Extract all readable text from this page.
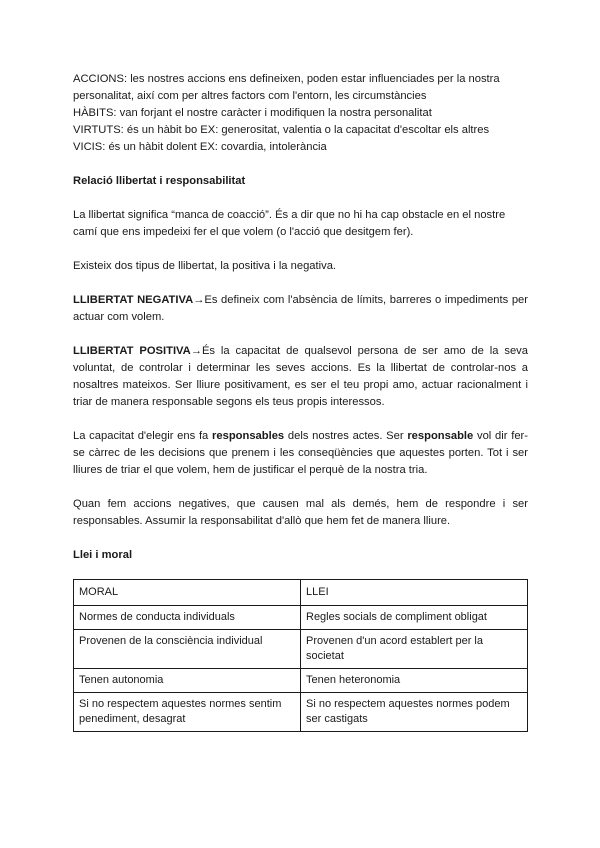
ACCIONS: les nostres accions ens defineixen, poden estar influenciades per la nostra personalitat, així com per altres factors com l'entorn, les circumstàncies

HÀBITS: van forjant el nostre caràcter i modifiquen la nostra personalitat

VIRTUTS: és un hàbit bo EX: generositat, valentia o la capacitat d'escoltar els altres

VICIS: és un hàbit dolent EX: covardia, intolerància

Relació llibertat i responsabilitat

La llibertat significa “manca de coacció”. És a dir que no hi ha cap obstacle en el nostre camí que ens impedeixi fer el que volem (o l'acció que desitgem fer).

Existeix dos tipus de llibertat, la positiva i la negativa.

LLIBERTAT NEGATIVA→Es defineix com l'absència de límits, barreres o impediments per actuar com volem.

LLIBERTAT POSITIVA→És la capacitat de qualsevol persona de ser amo de la seva voluntat, de controlar i determinar les seves accions. Es la llibertat de controlar-nos a nosaltres mateixos. Ser lliure positivament, es ser el teu propi amo, actuar racionalment i triar de manera responsable segons els teus propis interessos.

La capacitat d'elegir ens fa responsables dels nostres actes. Ser responsable vol dir fer-se càrrec de les decisions que prenem i les conseqüències que aquestes porten. Tot i ser lliures de triar el que volem, hem de justificar el perquè de la nostra tria.

Quan fem accions negatives, que causen mal als demés, hem de respondre i ser responsables. Assumir la responsabilitat d'allò que hem fet de manera lliure.

Llei i moral

MORAL	LLEI
Normes de conducta individuals	Regles socials de compliment obligat
Provenen de la consciència individual	Provenen d'un acord establert per la societat
Tenen autonomia	Tenen heteronomia
Si no respectem aquestes normes sentim penediment, desagrat	Si no respectem aquestes normes podem ser castigats
